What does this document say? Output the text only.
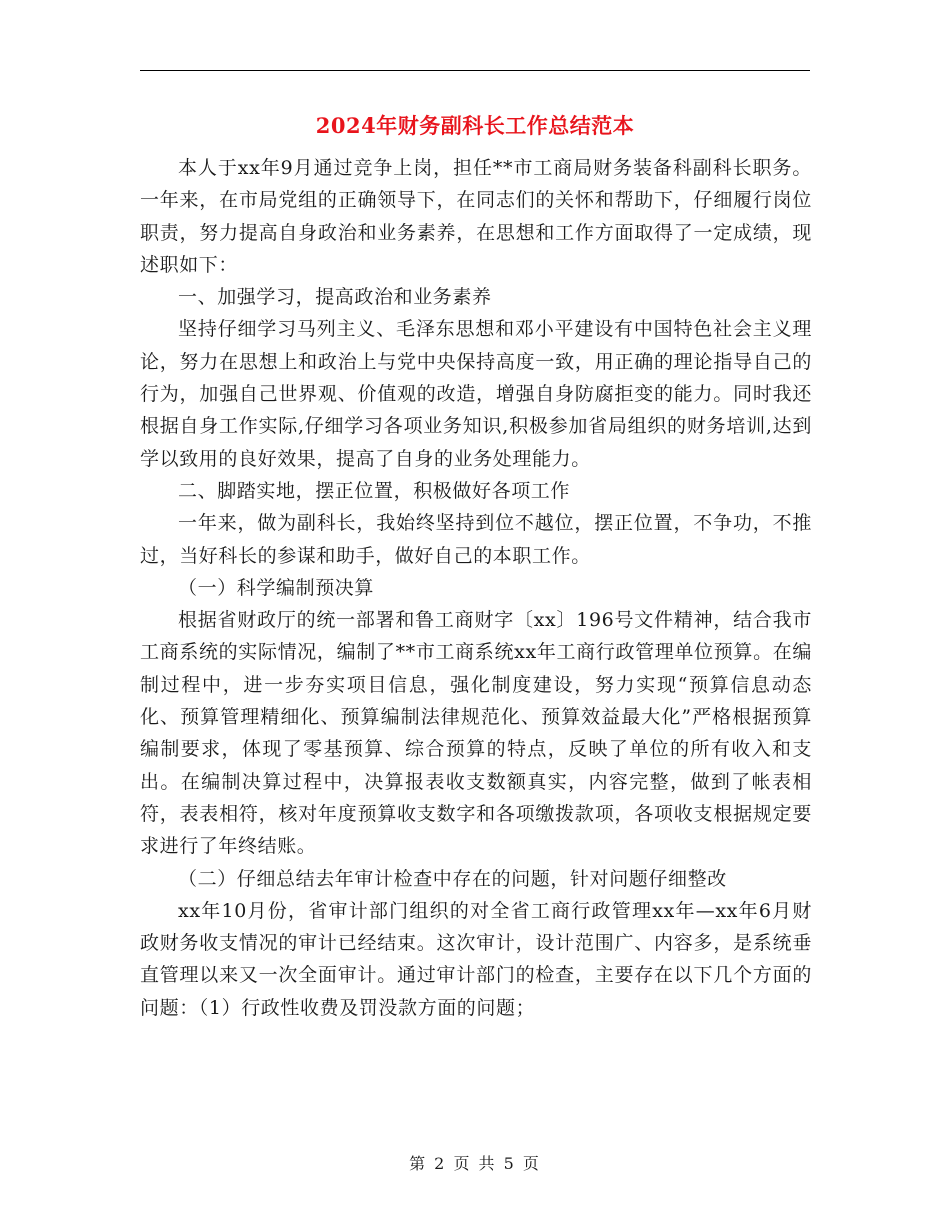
2024年财务副科长工作总结范本

本人于xx年9月通过竞争上岗，担任**市工商局财务装备科副科长职务。一年来，在市局党组的正确领导下，在同志们的关怀和帮助下，仔细履行岗位职责，努力提高自身政治和业务素养，在思想和工作方面取得了一定成绩，现述职如下：

一、加强学习，提高政治和业务素养

坚持仔细学习马列主义、毛泽东思想和邓小平建设有中国特色社会主义理论，努力在思想上和政治上与党中央保持高度一致，用正确的理论指导自己的行为，加强自己世界观、价值观的改造，增强自身防腐拒变的能力。同时我还根据自身工作实际,仔细学习各项业务知识,积极参加省局组织的财务培训,达到学以致用的良好效果，提高了自身的业务处理能力。

二、脚踏实地，摆正位置，积极做好各项工作

一年来，做为副科长，我始终坚持到位不越位，摆正位置，不争功，不推过，当好科长的参谋和助手，做好自己的本职工作。

（一）科学编制预决算

根据省财政厅的统一部署和鲁工商财字〔xx〕196号文件精神，结合我市工商系统的实际情况，编制了**市工商系统xx年工商行政管理单位预算。在编制过程中，进一步夯实项目信息，强化制度建设，努力实现“预算信息动态化、预算管理精细化、预算编制法律规范化、预算效益最大化”严格根据预算编制要求，体现了零基预算、综合预算的特点，反映了单位的所有收入和支出。在编制决算过程中，决算报表收支数额真实，内容完整，做到了帐表相符，表表相符，核对年度预算收支数字和各项缴拨款项，各项收支根据规定要求进行了年终结账。

（二）仔细总结去年审计检查中存在的问题，针对问题仔细整改

xx年10月份，省审计部门组织的对全省工商行政管理xx年—xx年6月财政财务收支情况的审计已经结束。这次审计，设计范围广、内容多，是系统垂直管理以来又一次全面审计。通过审计部门的检查，主要存在以下几个方面的问题：（1）行政性收费及罚没款方面的问题；

第 2 页 共 5 页
